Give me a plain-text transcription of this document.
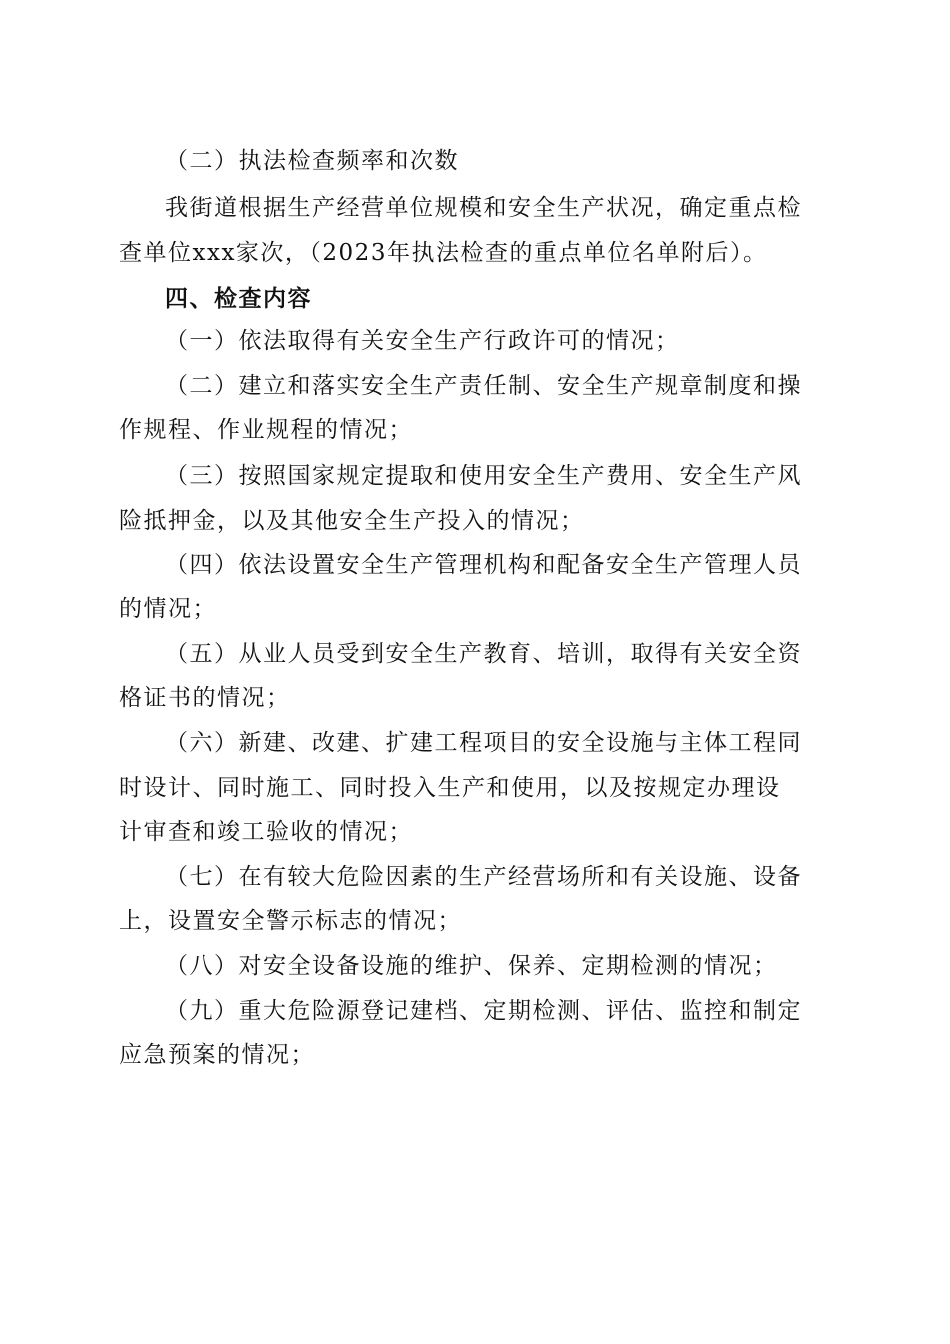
（二）执法检查频率和次数
我街道根据生产经营单位规模和安全生产状况，确定重点检
查单位xxx家次，（2023年执法检查的重点单位名单附后）。
四、检查内容
（一）依法取得有关安全生产行政许可的情况；
（二）建立和落实安全生产责任制、安全生产规章制度和操
作规程、作业规程的情况；
（三）按照国家规定提取和使用安全生产费用、安全生产风
险抵押金，以及其他安全生产投入的情况；
（四）依法设置安全生产管理机构和配备安全生产管理人员
的情况；
（五）从业人员受到安全生产教育、培训，取得有关安全资
格证书的情况；
（六）新建、改建、扩建工程项目的安全设施与主体工程同
时设计、同时施工、同时投入生产和使用，以及按规定办理设
计审查和竣工验收的情况；
（七）在有较大危险因素的生产经营场所和有关设施、设备
上，设置安全警示标志的情况；
（八）对安全设备设施的维护、保养、定期检测的情况；
（九）重大危险源登记建档、定期检测、评估、监控和制定
应急预案的情况；
